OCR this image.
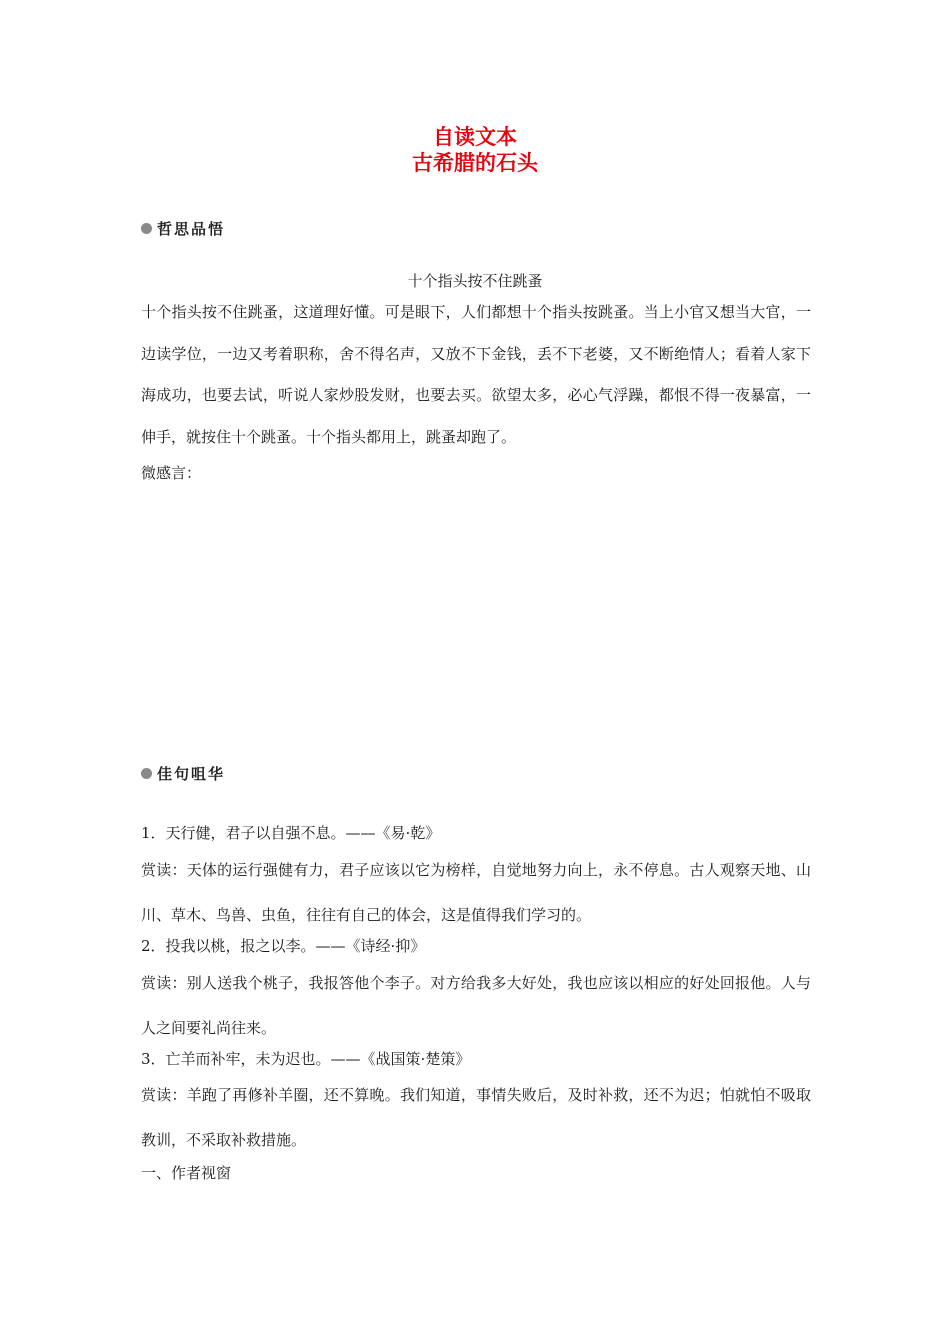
自读文本
古希腊的石头
哲思品悟
十个指头按不住跳蚤
十个指头按不住跳蚤，这道理好懂。可是眼下，人们都想十个指头按跳蚤。当上小官又想当大官，一边读学位，一边又考着职称，舍不得名声，又放不下金钱，丢不下老婆，又不断绝情人；看着人家下海成功，也要去试，听说人家炒股发财，也要去买。欲望太多，必心气浮躁，都恨不得一夜暴富，一伸手，就按住十个跳蚤。十个指头都用上，跳蚤却跑了。
微感言：
佳句咀华
1．天行健，君子以自强不息。——《易·乾》
赏读：天体的运行强健有力，君子应该以它为榜样，自觉地努力向上，永不停息。古人观察天地、山川、草木、鸟兽、虫鱼，往往有自己的体会，这是值得我们学习的。
2．投我以桃，报之以李。——《诗经·抑》
赏读：别人送我个桃子，我报答他个李子。对方给我多大好处，我也应该以相应的好处回报他。人与人之间要礼尚往来。
3．亡羊而补牢，未为迟也。——《战国策·楚策》
赏读：羊跑了再修补羊圈，还不算晚。我们知道，事情失败后，及时补救，还不为迟；怕就怕不吸取教训，不采取补救措施。
一、作者视窗
